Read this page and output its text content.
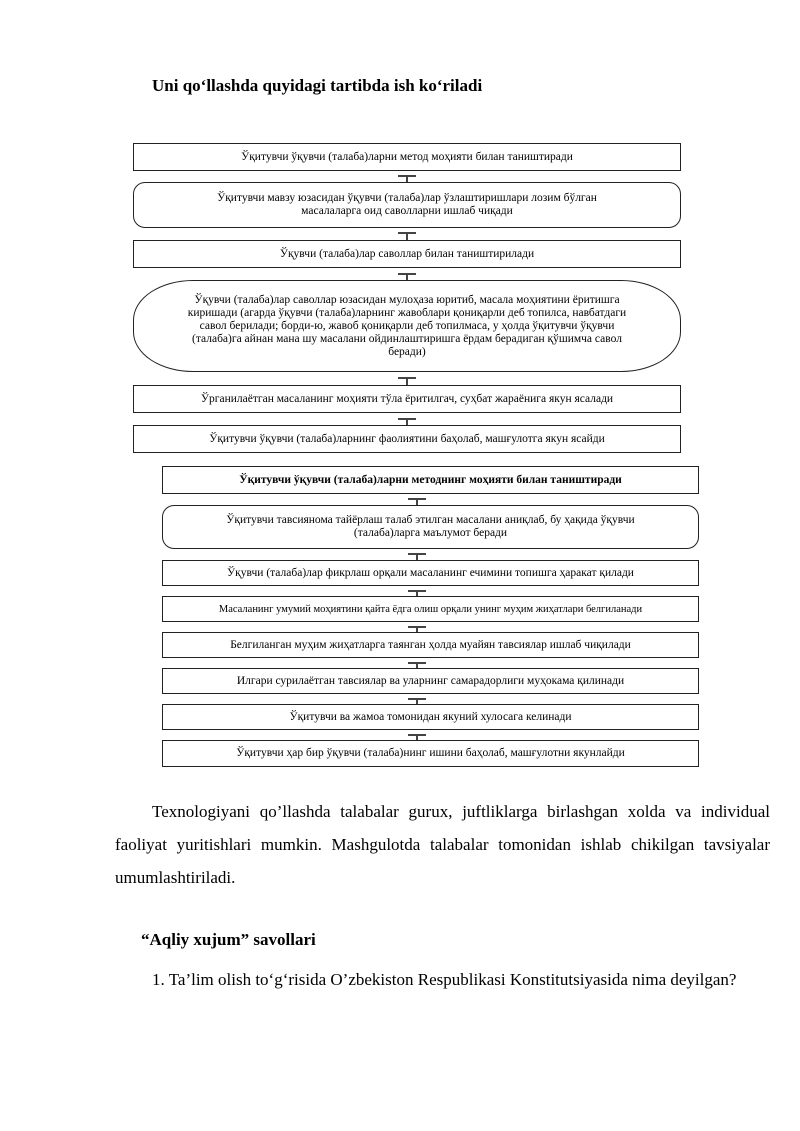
Uni qo‘llashda quyidagi tartibda ish ko‘riladi
Ўқитувчи ўқувчи (талаба)ларни метод моҳияти билан таништиради
Ўқитувчи мавзу юзасидан ўқувчи (талаба)лар ўзлаштиришлари лозим бўлган масалаларга оид саволларни ишлаб чиқади
Ўқувчи (талаба)лар саволлар билан таништирилади
Ўқувчи (талаба)лар саволлар юзасидан мулоҳаза юритиб, масала моҳиятини ёритишга киришади (агарда ўқувчи (талаба)ларнинг жавоблари қониқарли деб топилса, навбатдаги савол берилади; борди-ю, жавоб қониқарли деб топилмаса, у ҳолда ўқитувчи ўқувчи (талаба)га айнан мана шу масалани ойдинлаштиришга ёрдам берадиган қўшимча савол беради)
Ўрганилаётган масаланинг моҳияти тўла ёритилгач, суҳбат жараёнига якун ясалади
Ўқитувчи ўқувчи (талаба)ларнинг фаолиятини баҳолаб, машғулотга якун ясайди
Ўқитувчи ўқувчи (талаба)ларни методнинг моҳияти билан таништиради
Ўқитувчи тавсиянома тайёрлаш талаб этилган масалани аниқлаб, бу ҳақида ўқувчи (талаба)ларга маълумот беради
Ўқувчи (талаба)лар фикрлаш орқали масаланинг ечимини топишга ҳаракат қилади
Масаланинг умумий моҳиятини қайта ёдга олиш орқали унинг муҳим жиҳатлари белгиланади
Белгиланган муҳим жиҳатларга таянган ҳолда муайян тавсиялар ишлаб чиқилади
Илгари сурилаётган тавсиялар ва уларнинг самарадорлиги муҳокама қилинади
Ўқитувчи ва жамоа томонидан якуний хулосага келинади
Ўқитувчи ҳар бир ўқувчи (талаба)нинг ишини баҳолаб, машғулотни якунлайди
Texnologiyani qo’llashda talabalar gurux, juftliklarga birlashgan xolda va individual faoliyat yuritishlari mumkin. Mashgulotda talabalar tomonidan ishlab chikilgan tavsiyalar umumlashtiriladi.
“Aqliy xujum” savollari
1. Ta’lim olish to‘g‘risida O’zbekiston Respublikasi Konstitutsiyasida nima deyilgan?
